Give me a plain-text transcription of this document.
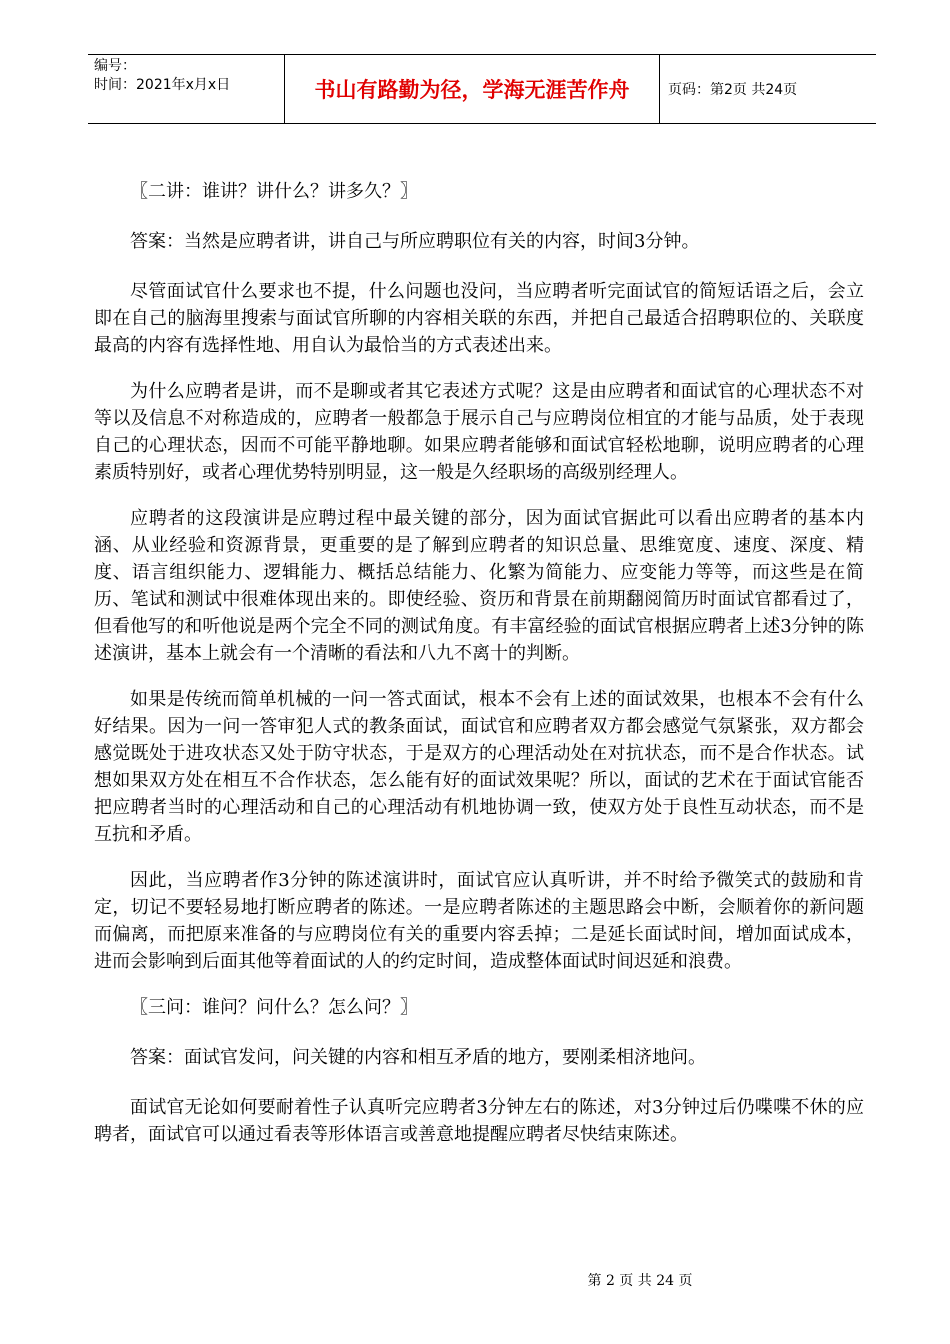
编号：
时间：2021年x月x日	书山有路勤为径，学海无涯苦作舟	页码：第2页 共24页

〖二讲：谁讲？讲什么？讲多久？〗

答案：当然是应聘者讲，讲自己与所应聘职位有关的内容，时间3分钟。

尽管面试官什么要求也不提，什么问题也没问，当应聘者听完面试官的简短话语之后，会立即在自己的脑海里搜索与面试官所聊的内容相关联的东西，并把自己最适合招聘职位的、关联度最高的内容有选择性地、用自认为最恰当的方式表述出来。

为什么应聘者是讲，而不是聊或者其它表述方式呢？这是由应聘者和面试官的心理状态不对等以及信息不对称造成的，应聘者一般都急于展示自己与应聘岗位相宜的才能与品质，处于表现自己的心理状态，因而不可能平静地聊。如果应聘者能够和面试官轻松地聊，说明应聘者的心理素质特别好，或者心理优势特别明显，这一般是久经职场的高级别经理人。

应聘者的这段演讲是应聘过程中最关键的部分，因为面试官据此可以看出应聘者的基本内涵、从业经验和资源背景，更重要的是了解到应聘者的知识总量、思维宽度、速度、深度、精度、语言组织能力、逻辑能力、概括总结能力、化繁为简能力、应变能力等等，而这些是在简历、笔试和测试中很难体现出来的。即使经验、资历和背景在前期翻阅简历时面试官都看过了，但看他写的和听他说是两个完全不同的测试角度。有丰富经验的面试官根据应聘者上述3分钟的陈述演讲，基本上就会有一个清晰的看法和八九不离十的判断。

如果是传统而简单机械的一问一答式面试，根本不会有上述的面试效果，也根本不会有什么好结果。因为一问一答审犯人式的教条面试，面试官和应聘者双方都会感觉气氛紧张，双方都会感觉既处于进攻状态又处于防守状态，于是双方的心理活动处在对抗状态，而不是合作状态。试想如果双方处在相互不合作状态，怎么能有好的面试效果呢？所以，面试的艺术在于面试官能否把应聘者当时的心理活动和自己的心理活动有机地协调一致，使双方处于良性互动状态，而不是互抗和矛盾。

因此，当应聘者作3分钟的陈述演讲时，面试官应认真听讲，并不时给予微笑式的鼓励和肯定，切记不要轻易地打断应聘者的陈述。一是应聘者陈述的主题思路会中断，会顺着你的新问题而偏离，而把原来准备的与应聘岗位有关的重要内容丢掉；二是延长面试时间，增加面试成本，进而会影响到后面其他等着面试的人的约定时间，造成整体面试时间迟延和浪费。

〖三问：谁问？问什么？怎么问？〗

答案：面试官发问，问关键的内容和相互矛盾的地方，要刚柔相济地问。

面试官无论如何要耐着性子认真听完应聘者3分钟左右的陈述，对3分钟过后仍喋喋不休的应聘者，面试官可以通过看表等形体语言或善意地提醒应聘者尽快结束陈述。

第 2 页 共 24 页
